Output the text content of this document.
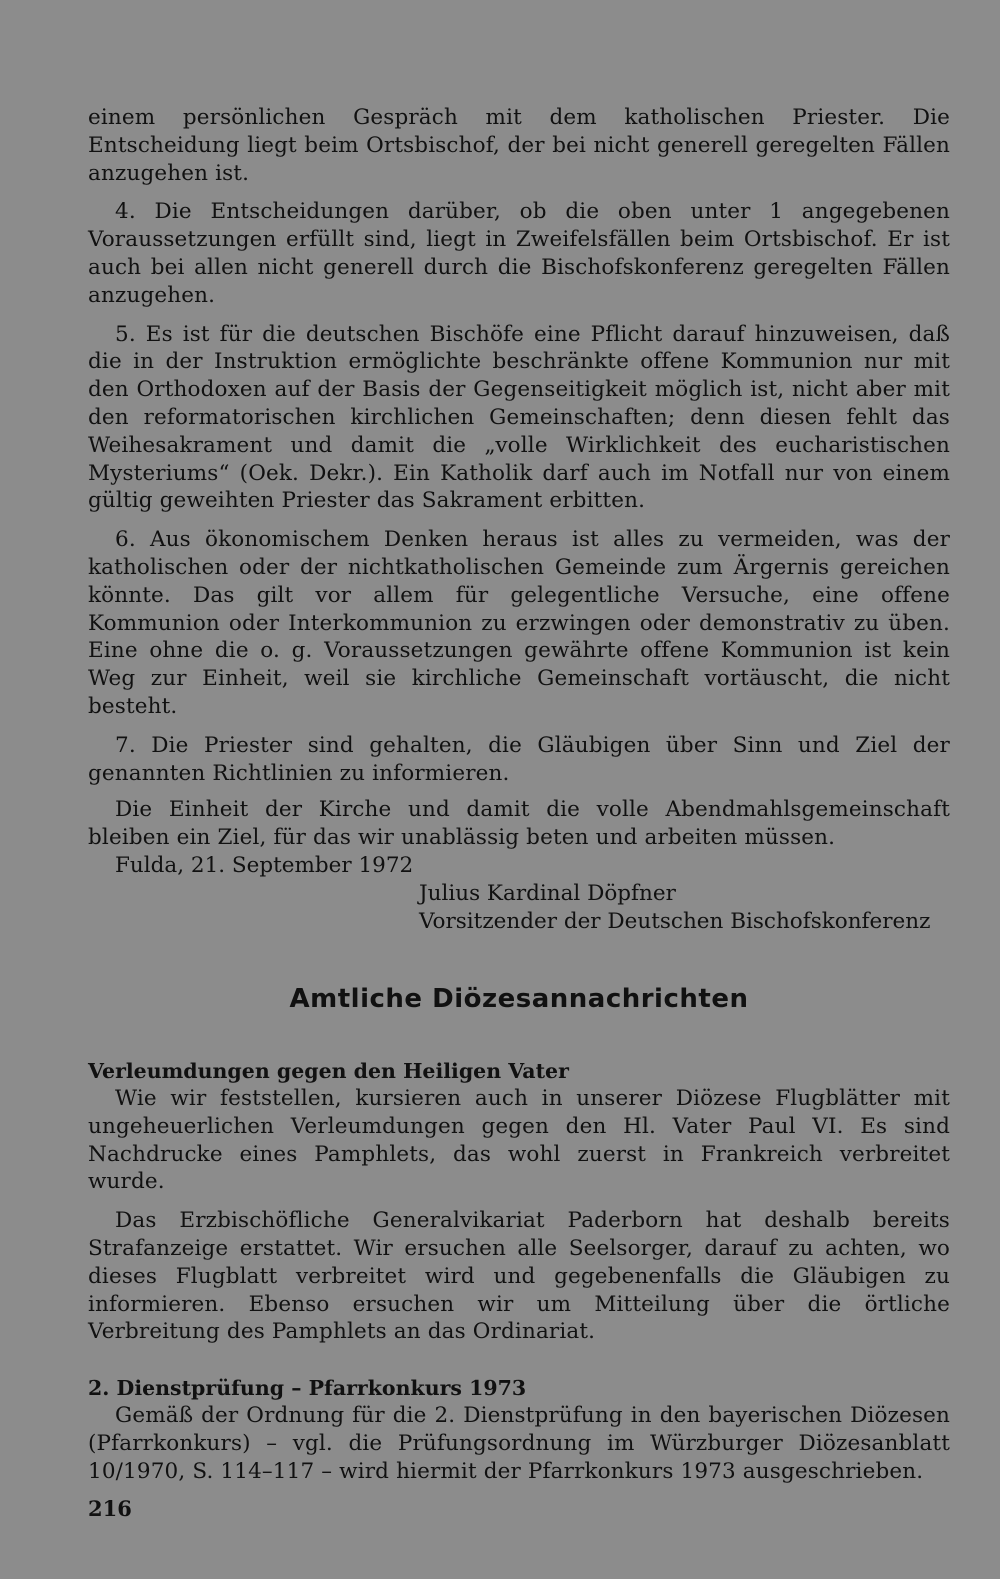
einem persönlichen Gespräch mit dem katholischen Priester. Die Entscheidung liegt beim Ortsbischof, der bei nicht generell geregelten Fällen anzugehen ist.

4. Die Entscheidungen darüber, ob die oben unter 1 angegebenen Voraussetzungen erfüllt sind, liegt in Zweifelsfällen beim Ortsbischof. Er ist auch bei allen nicht generell durch die Bischofskonferenz geregelten Fällen anzugehen.

5. Es ist für die deutschen Bischöfe eine Pflicht darauf hinzuweisen, daß die in der Instruktion ermöglichte beschränkte offene Kommunion nur mit den Orthodoxen auf der Basis der Gegenseitigkeit möglich ist, nicht aber mit den reformatorischen kirchlichen Gemeinschaften; denn diesen fehlt das Weihesakrament und damit die „volle Wirklichkeit des eucharistischen Mysteriums“ (Oek. Dekr.). Ein Katholik darf auch im Notfall nur von einem gültig geweihten Priester das Sakrament erbitten.

6. Aus ökonomischem Denken heraus ist alles zu vermeiden, was der katholischen oder der nichtkatholischen Gemeinde zum Ärgernis gereichen könnte. Das gilt vor allem für gelegentliche Versuche, eine offene Kommunion oder Interkommunion zu erzwingen oder demonstrativ zu üben. Eine ohne die o. g. Voraussetzungen gewährte offene Kommunion ist kein Weg zur Einheit, weil sie kirchliche Gemeinschaft vortäuscht, die nicht besteht.

7. Die Priester sind gehalten, die Gläubigen über Sinn und Ziel der genannten Richtlinien zu informieren.

Die Einheit der Kirche und damit die volle Abendmahlsgemeinschaft bleiben ein Ziel, für das wir unablässig beten und arbeiten müssen.

Fulda, 21. September 1972
Julius Kardinal Döpfner
Vorsitzender der Deutschen Bischofskonferenz
Amtliche Diözesannachrichten
Verleumdungen gegen den Heiligen Vater

Wie wir feststellen, kursieren auch in unserer Diözese Flugblätter mit ungeheuerlichen Verleumdungen gegen den Hl. Vater Paul VI. Es sind Nachdrucke eines Pamphlets, das wohl zuerst in Frankreich verbreitet wurde.

Das Erzbischöfliche Generalvikariat Paderborn hat deshalb bereits Strafanzeige erstattet. Wir ersuchen alle Seelsorger, darauf zu achten, wo dieses Flugblatt verbreitet wird und gegebenenfalls die Gläubigen zu informieren. Ebenso ersuchen wir um Mitteilung über die örtliche Verbreitung des Pamphlets an das Ordinariat.

2. Dienstprüfung – Pfarrkonkurs 1973

Gemäß der Ordnung für die 2. Dienstprüfung in den bayerischen Diözesen (Pfarrkonkurs) – vgl. die Prüfungsordnung im Würzburger Diözesanblatt 10/1970, S. 114–117 – wird hiermit der Pfarrkonkurs 1973 ausgeschrieben.

216
